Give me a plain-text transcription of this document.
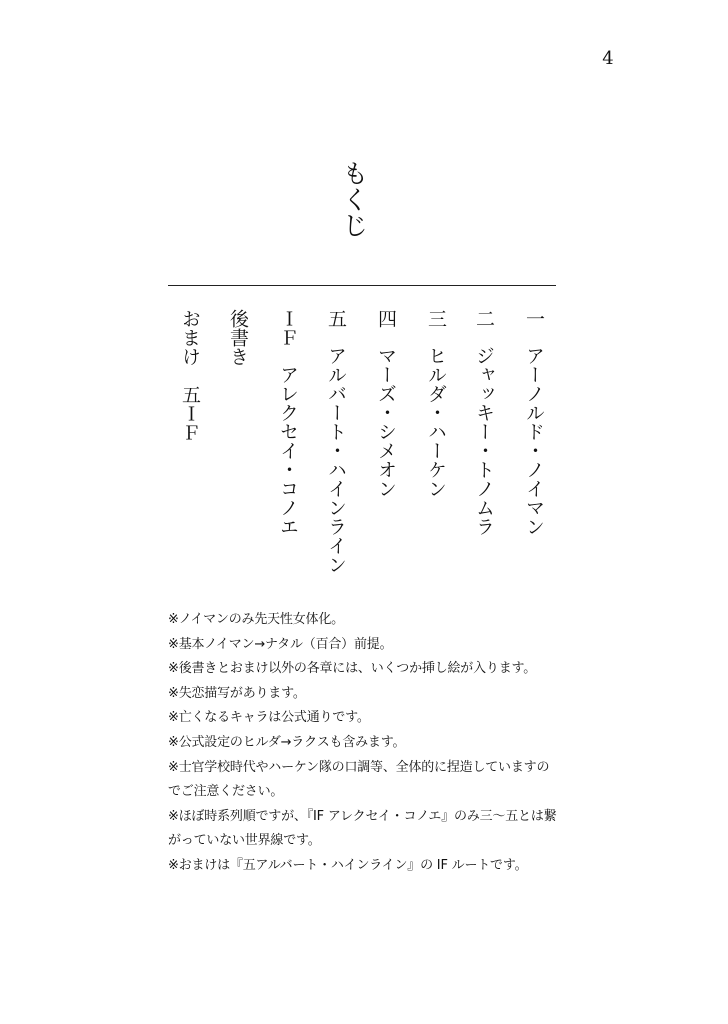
4
もくじ
一アーノルド・ノイマン
二ジャッキー・トノムラ
三ヒルダ・ハーケン
四マーズ・シメオン
五アルバート・ハインライン
ＩＦアレクセイ・コノエ
後書き
おまけ　五ＩＦ
※ノイマンのみ先天性女体化。
※基本ノイマン→ナタル（百合）前提。
※後書きとおまけ以外の各章には、いくつか挿し絵が入ります。
※失恋描写があります。
※亡くなるキャラは公式通りです。
※公式設定のヒルダ→ラクスも含みます。
※士官学校時代やハーケン隊の口調等、全体的に捏造していますのでご注意ください。
※ほぼ時系列順ですが、『IF アレクセイ・コノエ』のみ三～五とは繋がっていない世界線です。
※おまけは『五アルバート・ハインライン』の IF ルートです。
